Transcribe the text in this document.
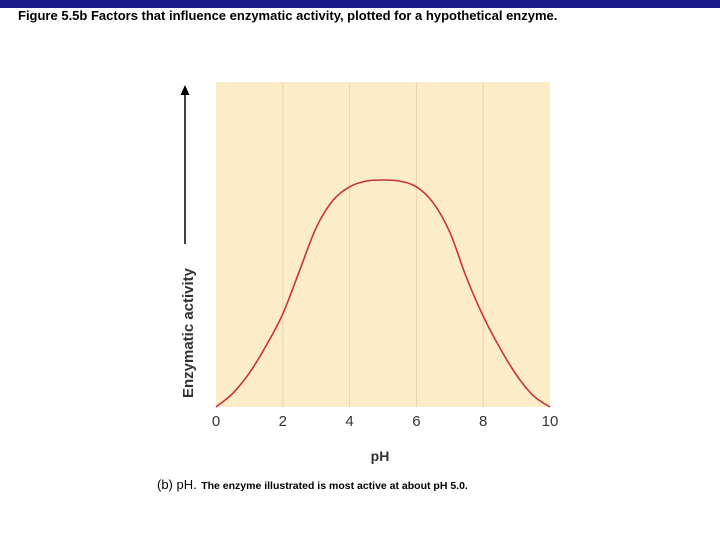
Figure 5.5b Factors that influence enzymatic activity, plotted for a hypothetical enzyme.
Enzymatic activity
0	2	4	6	8	10
pH
(b) pH. The enzyme illustrated is most active at about pH 5.0.
